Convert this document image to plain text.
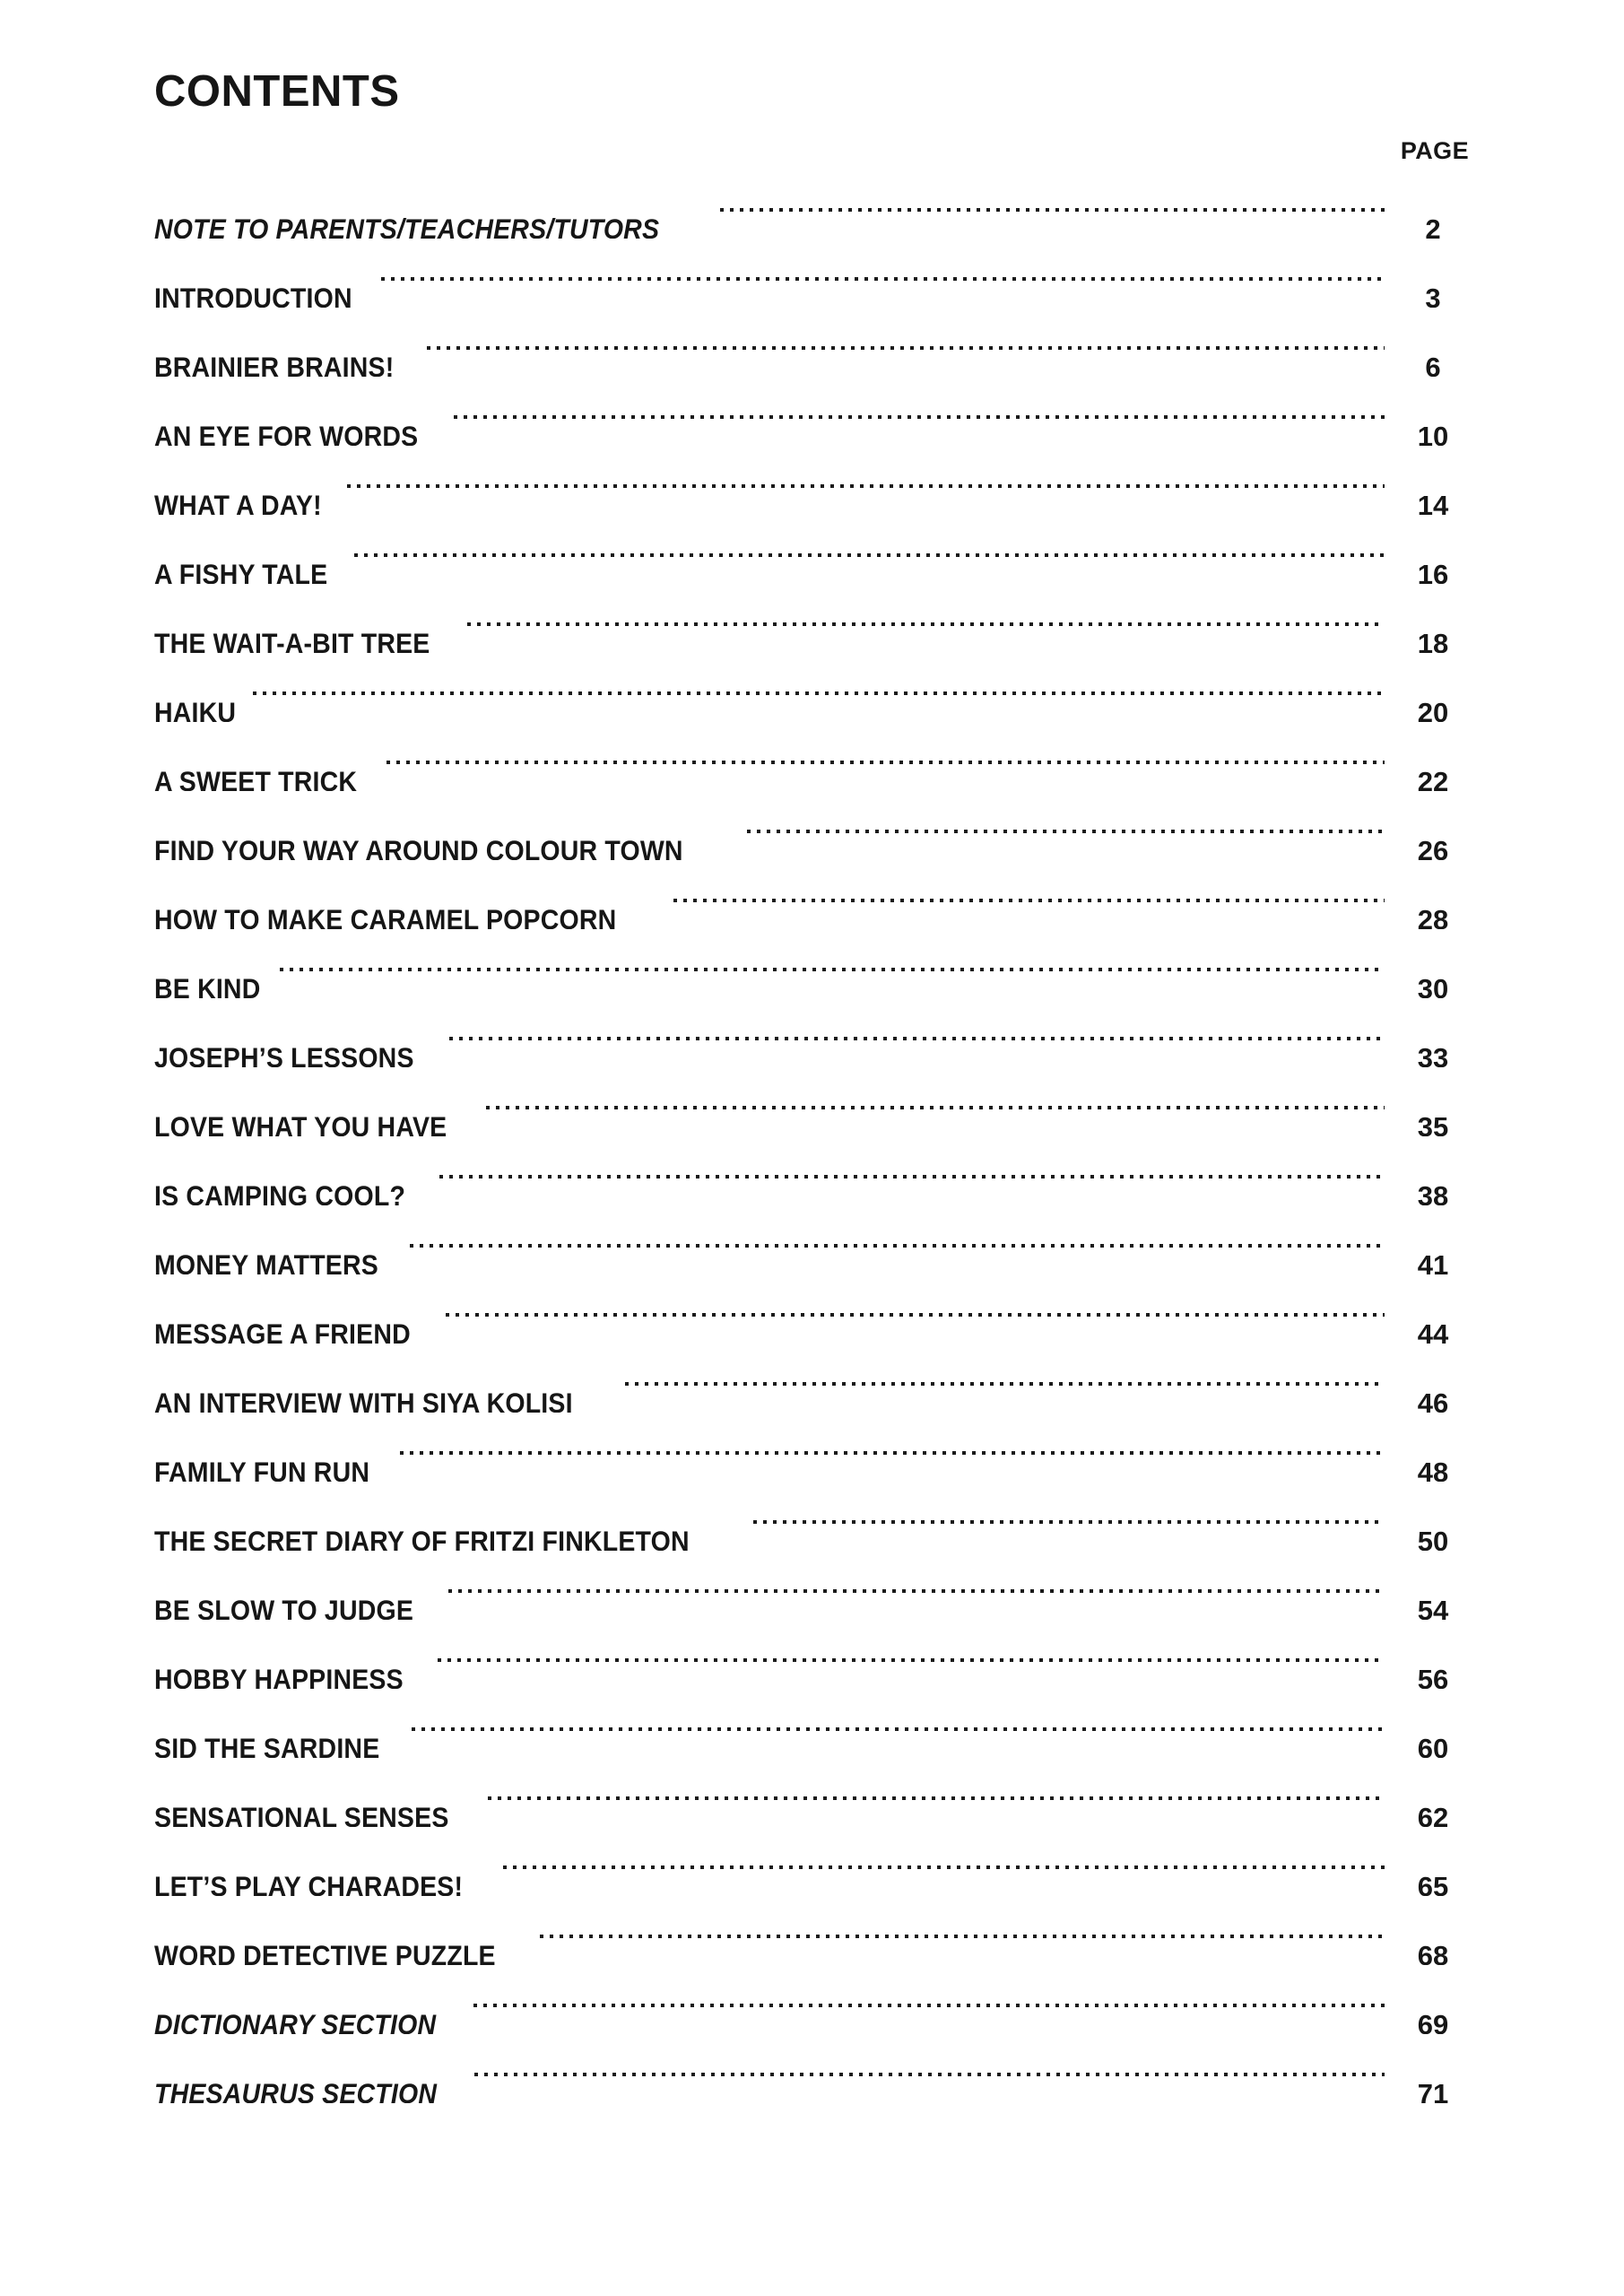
CONTENTS
PAGE
NOTE TO PARENTS/TEACHERS/TUTORS	2
INTRODUCTION	3
BRAINIER BRAINS!	6
AN EYE FOR WORDS	10
WHAT A DAY!	14
A FISHY TALE	16
THE WAIT-A-BIT TREE	18
HAIKU	20
A SWEET TRICK	22
FIND YOUR WAY AROUND COLOUR TOWN	26
HOW TO MAKE CARAMEL POPCORN	28
BE KIND	30
JOSEPH’S LESSONS	33
LOVE WHAT YOU HAVE	35
IS CAMPING COOL?	38
MONEY MATTERS	41
MESSAGE A FRIEND	44
AN INTERVIEW WITH SIYA KOLISI	46
FAMILY FUN RUN	48
THE SECRET DIARY OF FRITZI FINKLETON	50
BE SLOW TO JUDGE	54
HOBBY HAPPINESS	56
SID THE SARDINE	60
SENSATIONAL SENSES	62
LET’S PLAY CHARADES!	65
WORD DETECTIVE PUZZLE	68
DICTIONARY SECTION	69
THESAURUS SECTION	71
